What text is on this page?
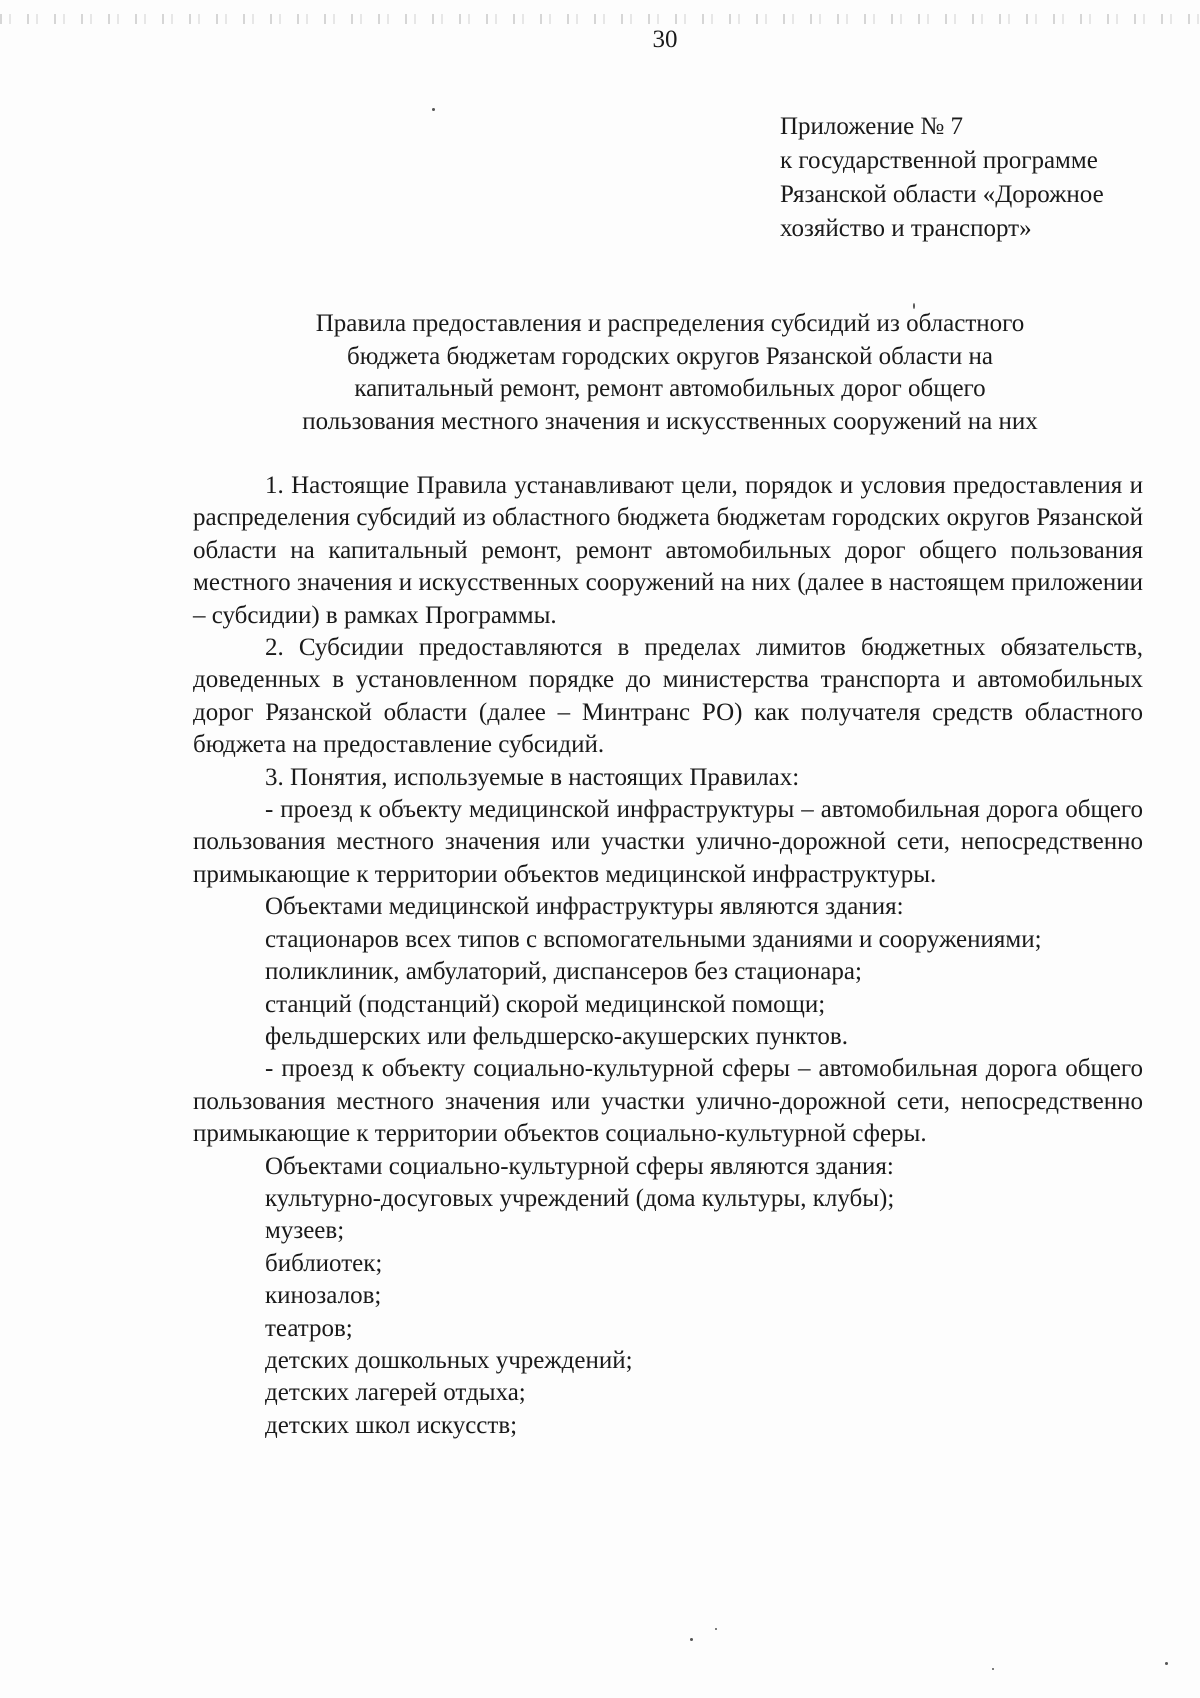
30
Приложение № 7
к государственной программе
Рязанской области «Дорожное
хозяйство и транспорт»
Правила предоставления и распределения субсидий из областного
бюджета бюджетам городских округов Рязанской области на
капитальный ремонт, ремонт автомобильных дорог общего
пользования местного значения и искусственных сооружений на них

1. Настоящие Правила устанавливают цели, порядок и условия предоставления и распределения субсидий из областного бюджета бюджетам городских округов Рязанской области на капитальный ремонт, ремонт автомобильных дорог общего пользования местного значения и искусственных сооружений на них (далее в настоящем приложении – субсидии) в рамках Программы.

2. Субсидии предоставляются в пределах лимитов бюджетных обязательств, доведенных в установленном порядке до министерства транспорта и автомобильных дорог Рязанской области (далее – Минтранс РО) как получателя средств областного бюджета на предоставление субсидий.

3. Понятия, используемые в настоящих Правилах:

- проезд к объекту медицинской инфраструктуры – автомобильная дорога общего пользования местного значения или участки улично-дорожной сети, непосредственно примыкающие к территории объектов медицинской инфраструктуры.

Объектами медицинской инфраструктуры являются здания:

стационаров всех типов с вспомогательными зданиями и сооружениями;

поликлиник, амбулаторий, диспансеров без стационара;

станций (подстанций) скорой медицинской помощи;

фельдшерских или фельдшерско-акушерских пунктов.

- проезд к объекту социально-культурной сферы – автомобильная дорога общего пользования местного значения или участки улично-дорожной сети, непосредственно примыкающие к территории объектов социально-культурной сферы.

Объектами социально-культурной сферы являются здания:

культурно-досуговых учреждений (дома культуры, клубы);

музеев;

библиотек;

кинозалов;

театров;

детских дошкольных учреждений;

детских лагерей отдыха;

детских школ искусств;
